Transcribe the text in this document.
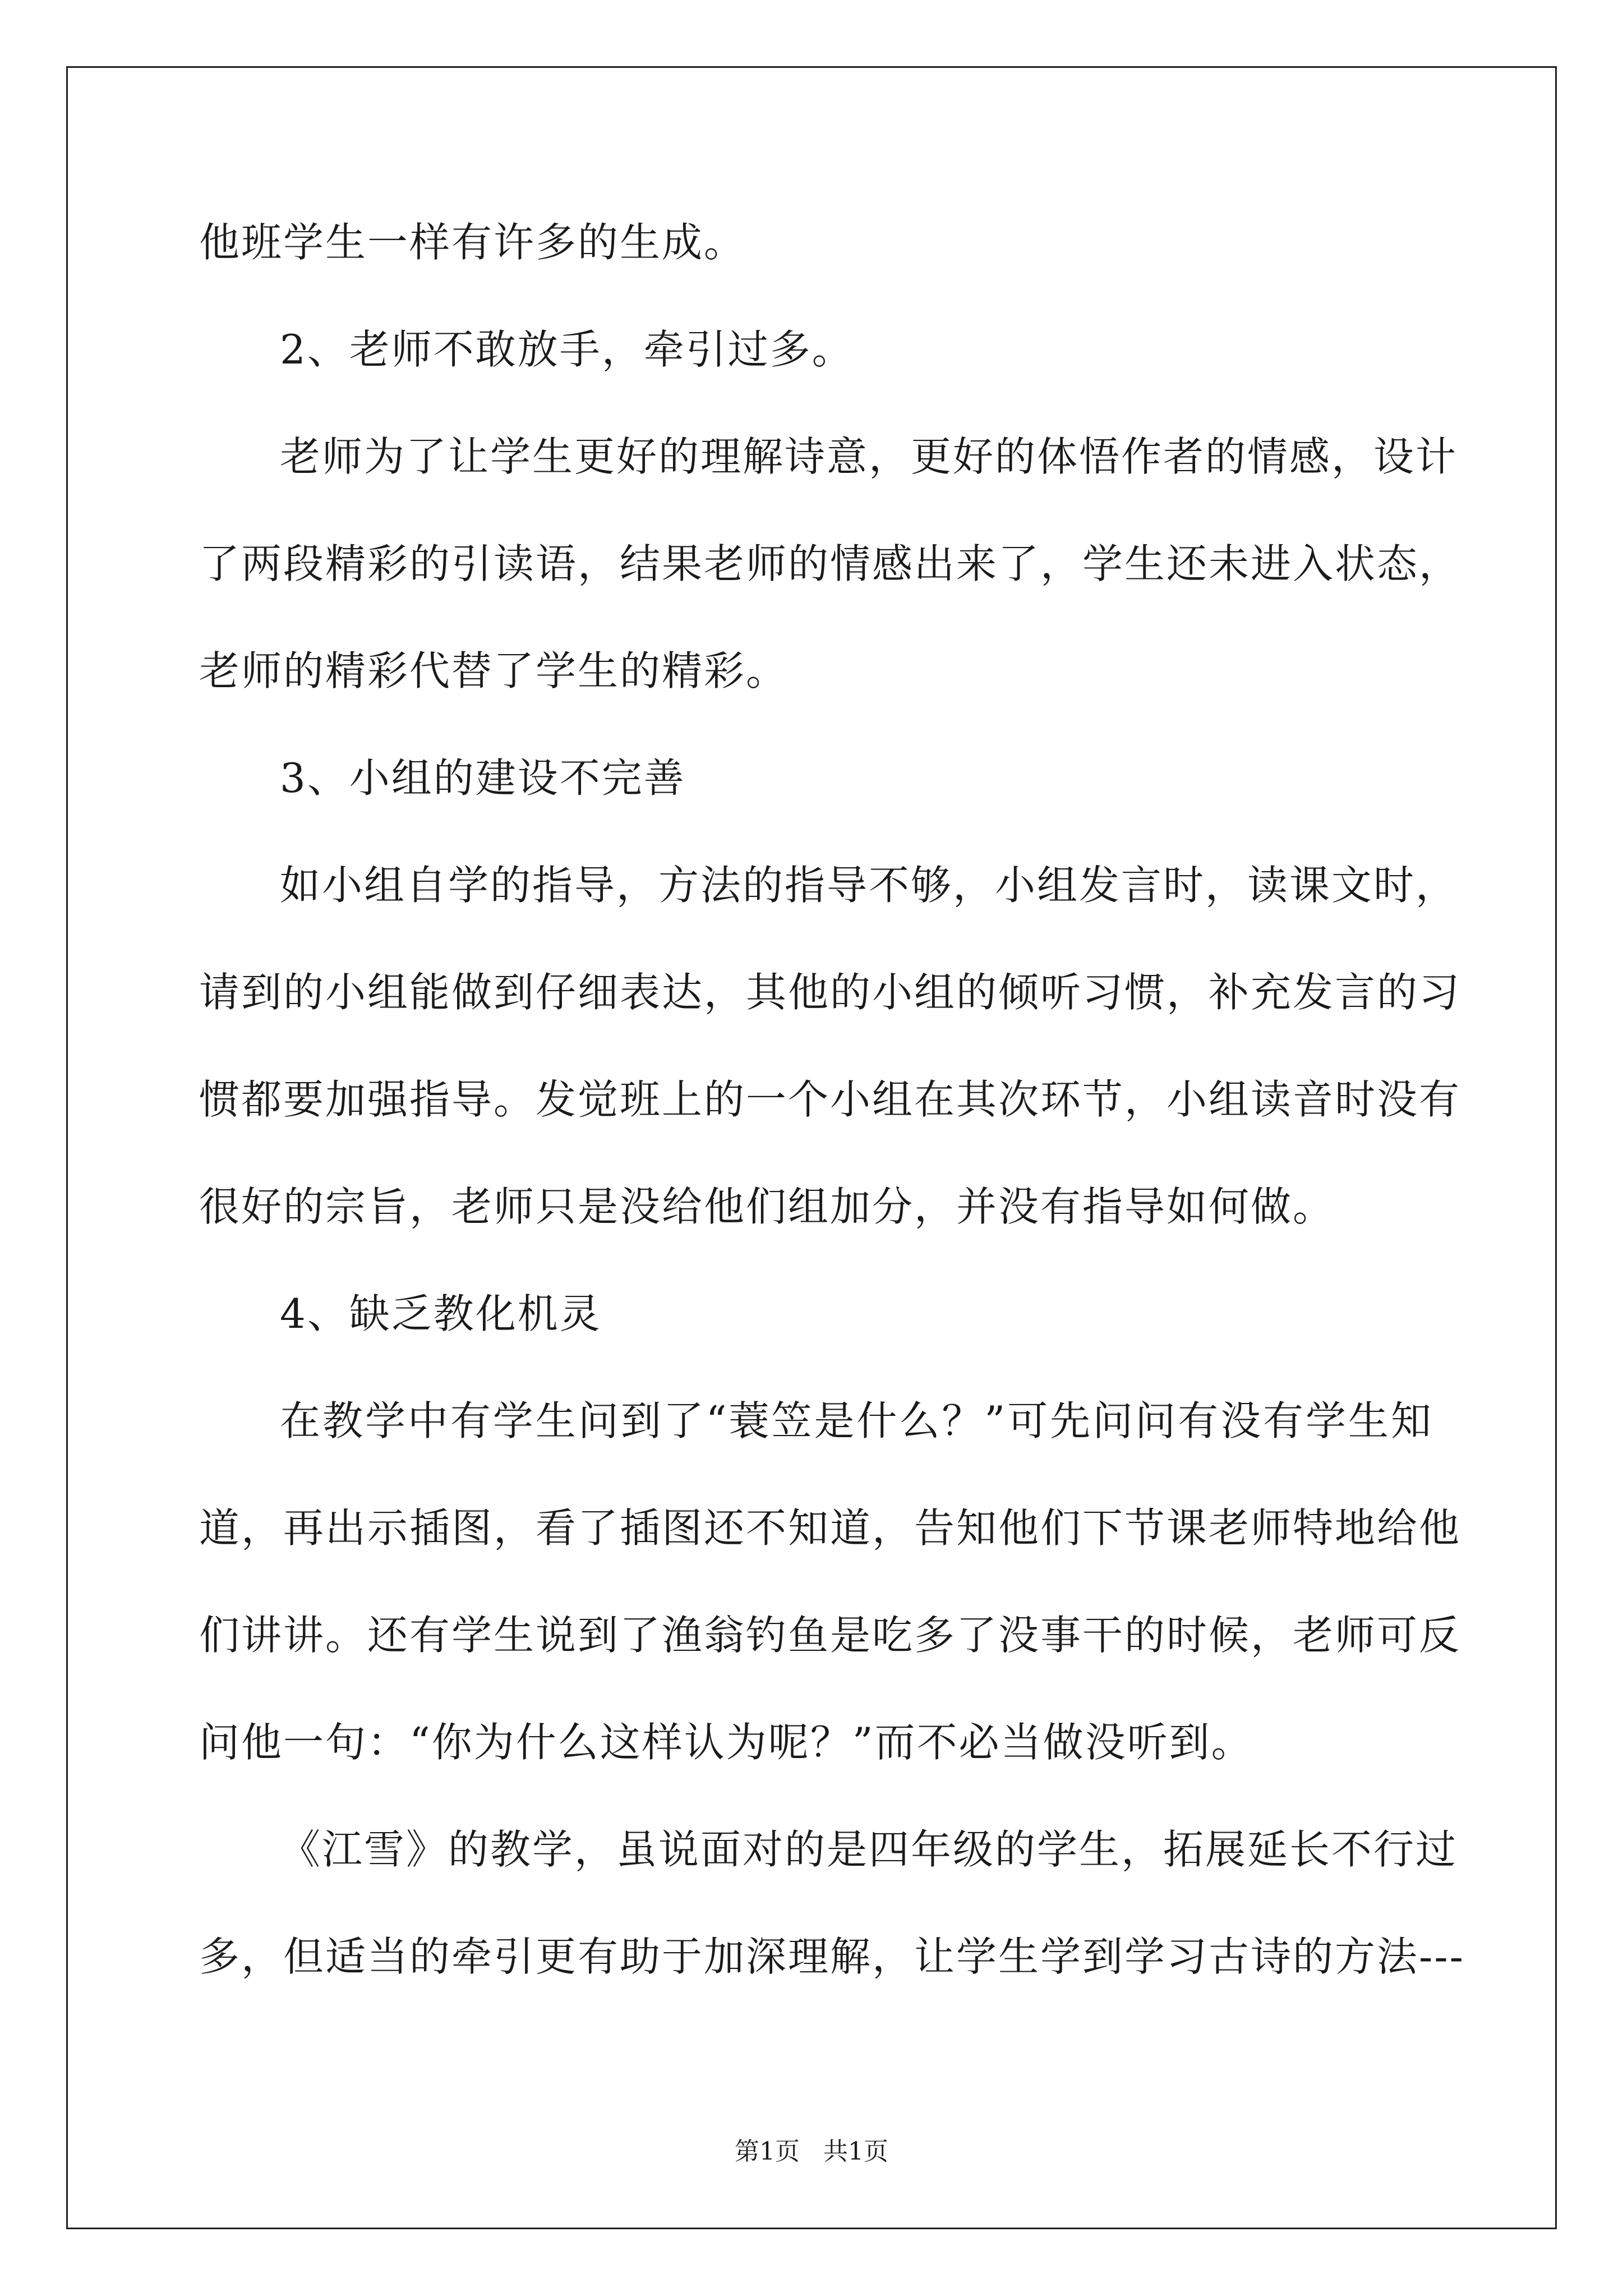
他班学生一样有许多的生成。
2、老师不敢放手，牵引过多。
老师为了让学生更好的理解诗意，更好的体悟作者的情感，设计
了两段精彩的引读语，结果老师的情感出来了，学生还未进入状态，
老师的精彩代替了学生的精彩。
3、小组的建设不完善
如小组自学的指导，方法的指导不够，小组发言时，读课文时，
请到的小组能做到仔细表达，其他的小组的倾听习惯，补充发言的习
惯都要加强指导。发觉班上的一个小组在其次环节，小组读音时没有
很好的宗旨，老师只是没给他们组加分，并没有指导如何做。
4、缺乏教化机灵
在教学中有学生问到了“蓑笠是什么？”可先问问有没有学生知
道，再出示插图，看了插图还不知道，告知他们下节课老师特地给他
们讲讲。还有学生说到了渔翁钓鱼是吃多了没事干的时候，老师可反
问他一句：“你为什么这样认为呢？”而不必当做没听到。
《江雪》的教学，虽说面对的是四年级的学生，拓展延长不行过
多，但适当的牵引更有助于加深理解，让学生学到学习古诗的方法---
第1页 共1页
